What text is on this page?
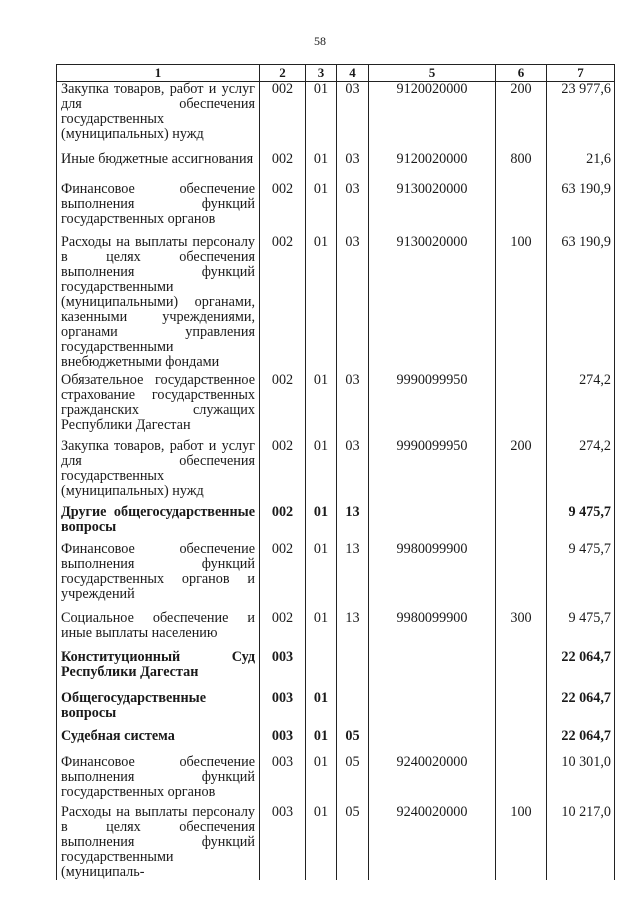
58
1	2	3	4	5	6	7
Закупка товаров, работ и услуг для обеспечения государственных (муниципальных) нужд	002	01	03	9120020000	200	23 977,6
Иные бюджетные ассигнования	002	01	03	9120020000	800	21,6
Финансовое обеспечение выполнения функций государственных органов	002	01	03	9130020000		63 190,9
Расходы на выплаты персоналу в целях обеспечения выполнения функций государственными (муниципальными) органами, казенными учреждениями, органами управления государственными внебюджетными фондами	002	01	03	9130020000	100	63 190,9
Обязательное государственное страхование государственных гражданских служащих Республики Дагестан	002	01	03	9990099950		274,2
Закупка товаров, работ и услуг для обеспечения государственных (муниципальных) нужд	002	01	03	9990099950	200	274,2
Другие общегосударственные вопросы	002	01	13			9 475,7
Финансовое обеспечение выполнения функций государственных органов и учреждений	002	01	13	9980099900		9 475,7
Социальное обеспечение и иные выплаты населению	002	01	13	9980099900	300	9 475,7
Конституционный Суд Республики Дагестан	003					22 064,7
Общегосударственные вопросы	003	01				22 064,7
Судебная система	003	01	05			22 064,7
Финансовое обеспечение выполнения функций государственных органов	003	01	05	9240020000		10 301,0
Расходы на выплаты персоналу в целях обеспечения выполнения функций государственными (муниципаль-	003	01	05	9240020000	100	10 217,0
